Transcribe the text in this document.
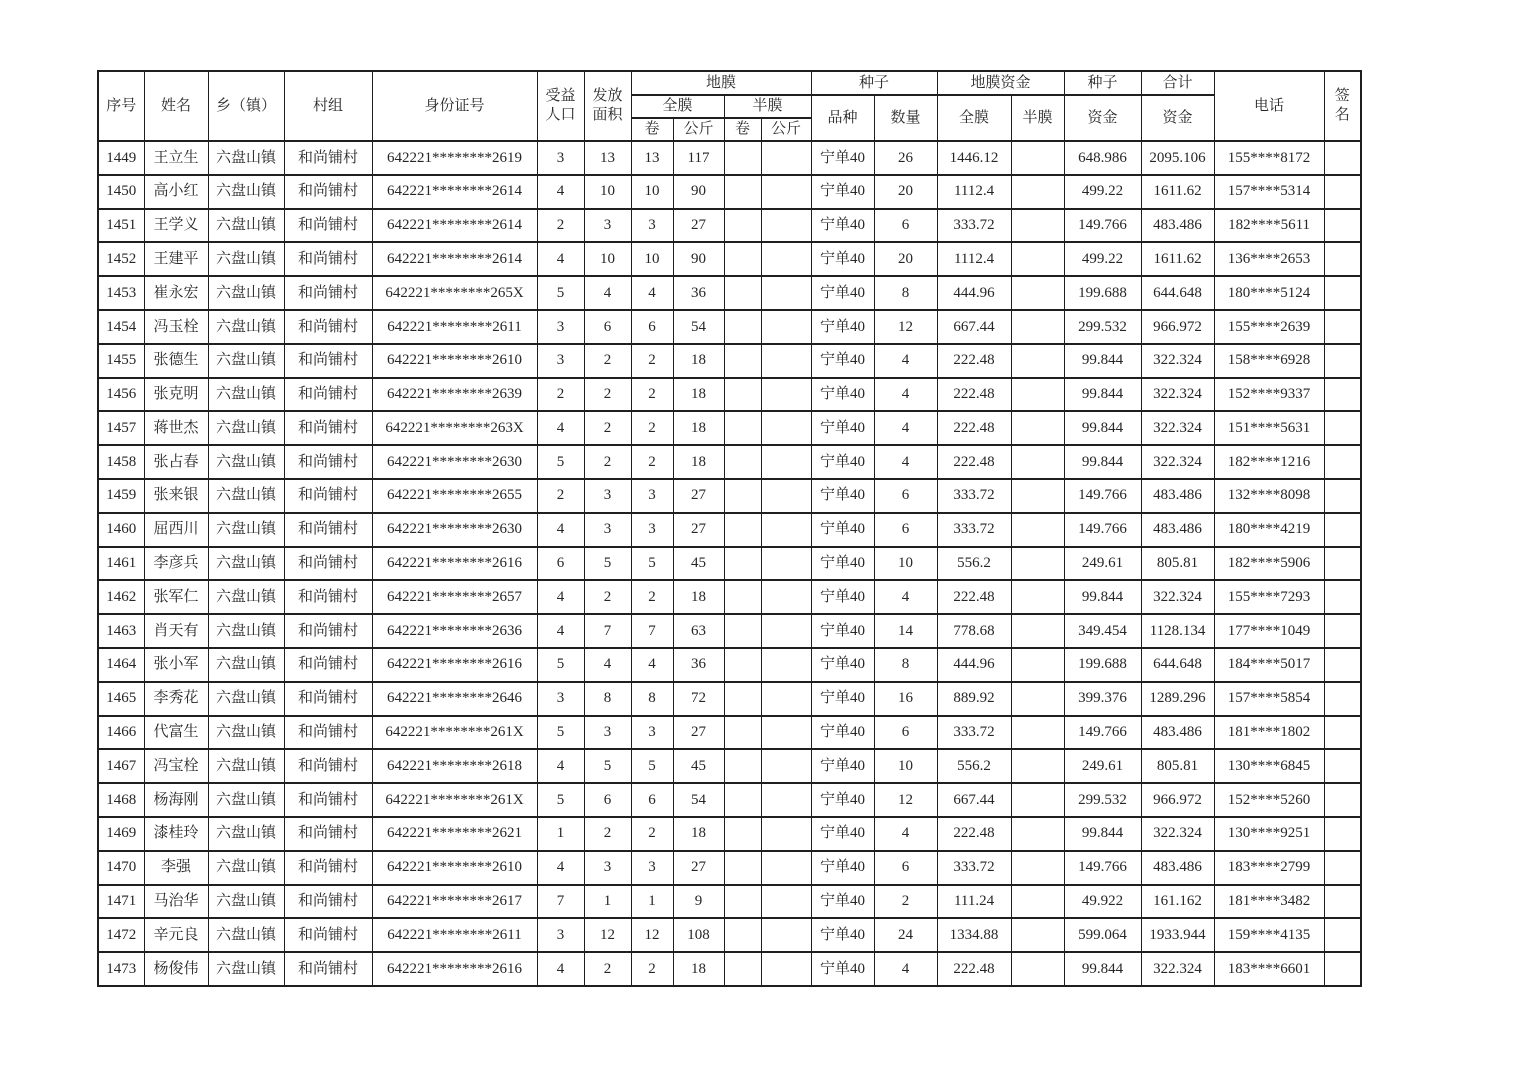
序号	姓名	乡（镇）	村组	身份证号	受益人口	发放面积	地膜				种子		地膜资金		种子	合计	电话	签名
							全膜		半膜		品种	数量	全膜	半膜	资金	资金		
							卷	公斤	卷	公斤								
1449	王立生	六盘山镇	和尚铺村	642221********2619	3	13	13	117			宁单40	26	1446.12		648.986	2095.106	155****8172	
1450	高小红	六盘山镇	和尚铺村	642221********2614	4	10	10	90			宁单40	20	1112.4		499.22	1611.62	157****5314	
1451	王学义	六盘山镇	和尚铺村	642221********2614	2	3	3	27			宁单40	6	333.72		149.766	483.486	182****5611	
1452	王建平	六盘山镇	和尚铺村	642221********2614	4	10	10	90			宁单40	20	1112.4		499.22	1611.62	136****2653	
1453	崔永宏	六盘山镇	和尚铺村	642221********265X	5	4	4	36			宁单40	8	444.96		199.688	644.648	180****5124	
1454	冯玉栓	六盘山镇	和尚铺村	642221********2611	3	6	6	54			宁单40	12	667.44		299.532	966.972	155****2639	
1455	张德生	六盘山镇	和尚铺村	642221********2610	3	2	2	18			宁单40	4	222.48		99.844	322.324	158****6928	
1456	张克明	六盘山镇	和尚铺村	642221********2639	2	2	2	18			宁单40	4	222.48		99.844	322.324	152****9337	
1457	蒋世杰	六盘山镇	和尚铺村	642221********263X	4	2	2	18			宁单40	4	222.48		99.844	322.324	151****5631	
1458	张占春	六盘山镇	和尚铺村	642221********2630	5	2	2	18			宁单40	4	222.48		99.844	322.324	182****1216	
1459	张来银	六盘山镇	和尚铺村	642221********2655	2	3	3	27			宁单40	6	333.72		149.766	483.486	132****8098	
1460	屈西川	六盘山镇	和尚铺村	642221********2630	4	3	3	27			宁单40	6	333.72		149.766	483.486	180****4219	
1461	李彦兵	六盘山镇	和尚铺村	642221********2616	6	5	5	45			宁单40	10	556.2		249.61	805.81	182****5906	
1462	张军仁	六盘山镇	和尚铺村	642221********2657	4	2	2	18			宁单40	4	222.48		99.844	322.324	155****7293	
1463	肖天有	六盘山镇	和尚铺村	642221********2636	4	7	7	63			宁单40	14	778.68		349.454	1128.134	177****1049	
1464	张小军	六盘山镇	和尚铺村	642221********2616	5	4	4	36			宁单40	8	444.96		199.688	644.648	184****5017	
1465	李秀花	六盘山镇	和尚铺村	642221********2646	3	8	8	72			宁单40	16	889.92		399.376	1289.296	157****5854	
1466	代富生	六盘山镇	和尚铺村	642221********261X	5	3	3	27			宁单40	6	333.72		149.766	483.486	181****1802	
1467	冯宝栓	六盘山镇	和尚铺村	642221********2618	4	5	5	45			宁单40	10	556.2		249.61	805.81	130****6845	
1468	杨海刚	六盘山镇	和尚铺村	642221********261X	5	6	6	54			宁单40	12	667.44		299.532	966.972	152****5260	
1469	漆桂玲	六盘山镇	和尚铺村	642221********2621	1	2	2	18			宁单40	4	222.48		99.844	322.324	130****9251	
1470	李强	六盘山镇	和尚铺村	642221********2610	4	3	3	27			宁单40	6	333.72		149.766	483.486	183****2799	
1471	马治华	六盘山镇	和尚铺村	642221********2617	7	1	1	9			宁单40	2	111.24		49.922	161.162	181****3482	
1472	辛元良	六盘山镇	和尚铺村	642221********2611	3	12	12	108			宁单40	24	1334.88		599.064	1933.944	159****4135	
1473	杨俊伟	六盘山镇	和尚铺村	642221********2616	4	2	2	18			宁单40	4	222.48		99.844	322.324	183****6601	
